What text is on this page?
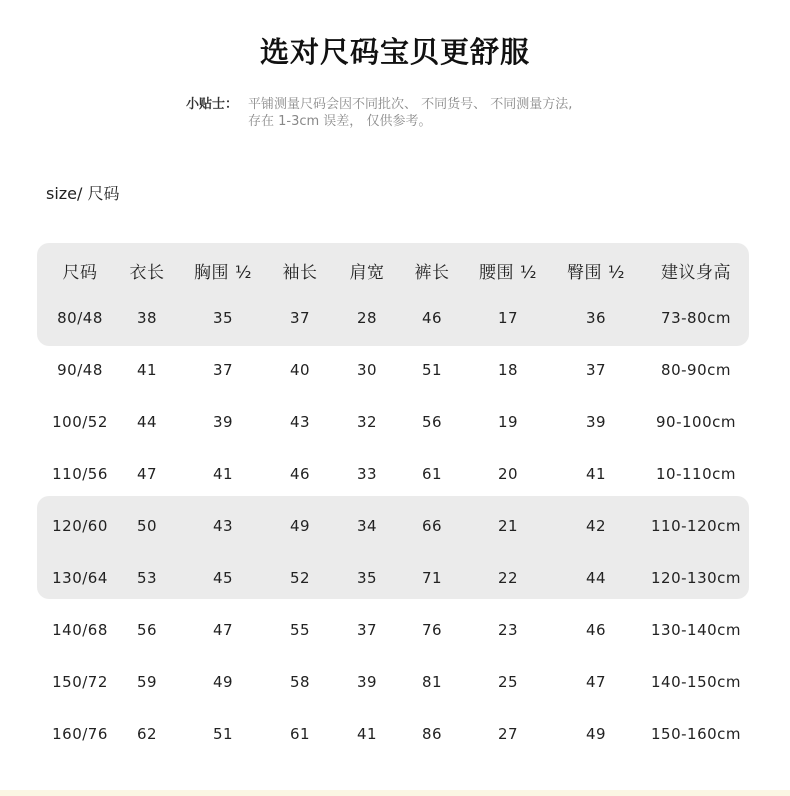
选对尺码宝贝更舒服
小贴士： 平铺测量尺码会因不同批次、 不同货号、 不同测量方法,
存在 1-3cm 误差， 仅供参考。
size/ 尺码
尺码 衣长 胸围 ½ 袖长 肩宽 裤长 腰围 ½ 臀围 ½ 建议身高
80/48 38	35	37	28	46	17	36	73-80cm
90/48 41	37	40	30	51	18	37	80-90cm
100/52 44	39	43	32	56	19	39	90-100cm
110/56 47	41	46	33	61	20	41	10-110cm
120/60 50	43	49	34	66	21	42	110-120cm
130/64 53	45	52	35	71	22	44	120-130cm
140/68 56	47	55	37	76	23	46	130-140cm
150/72 59	49	58	39	81	25	47	140-150cm
160/76 62	51	61	41	86	27	49	150-160cm
